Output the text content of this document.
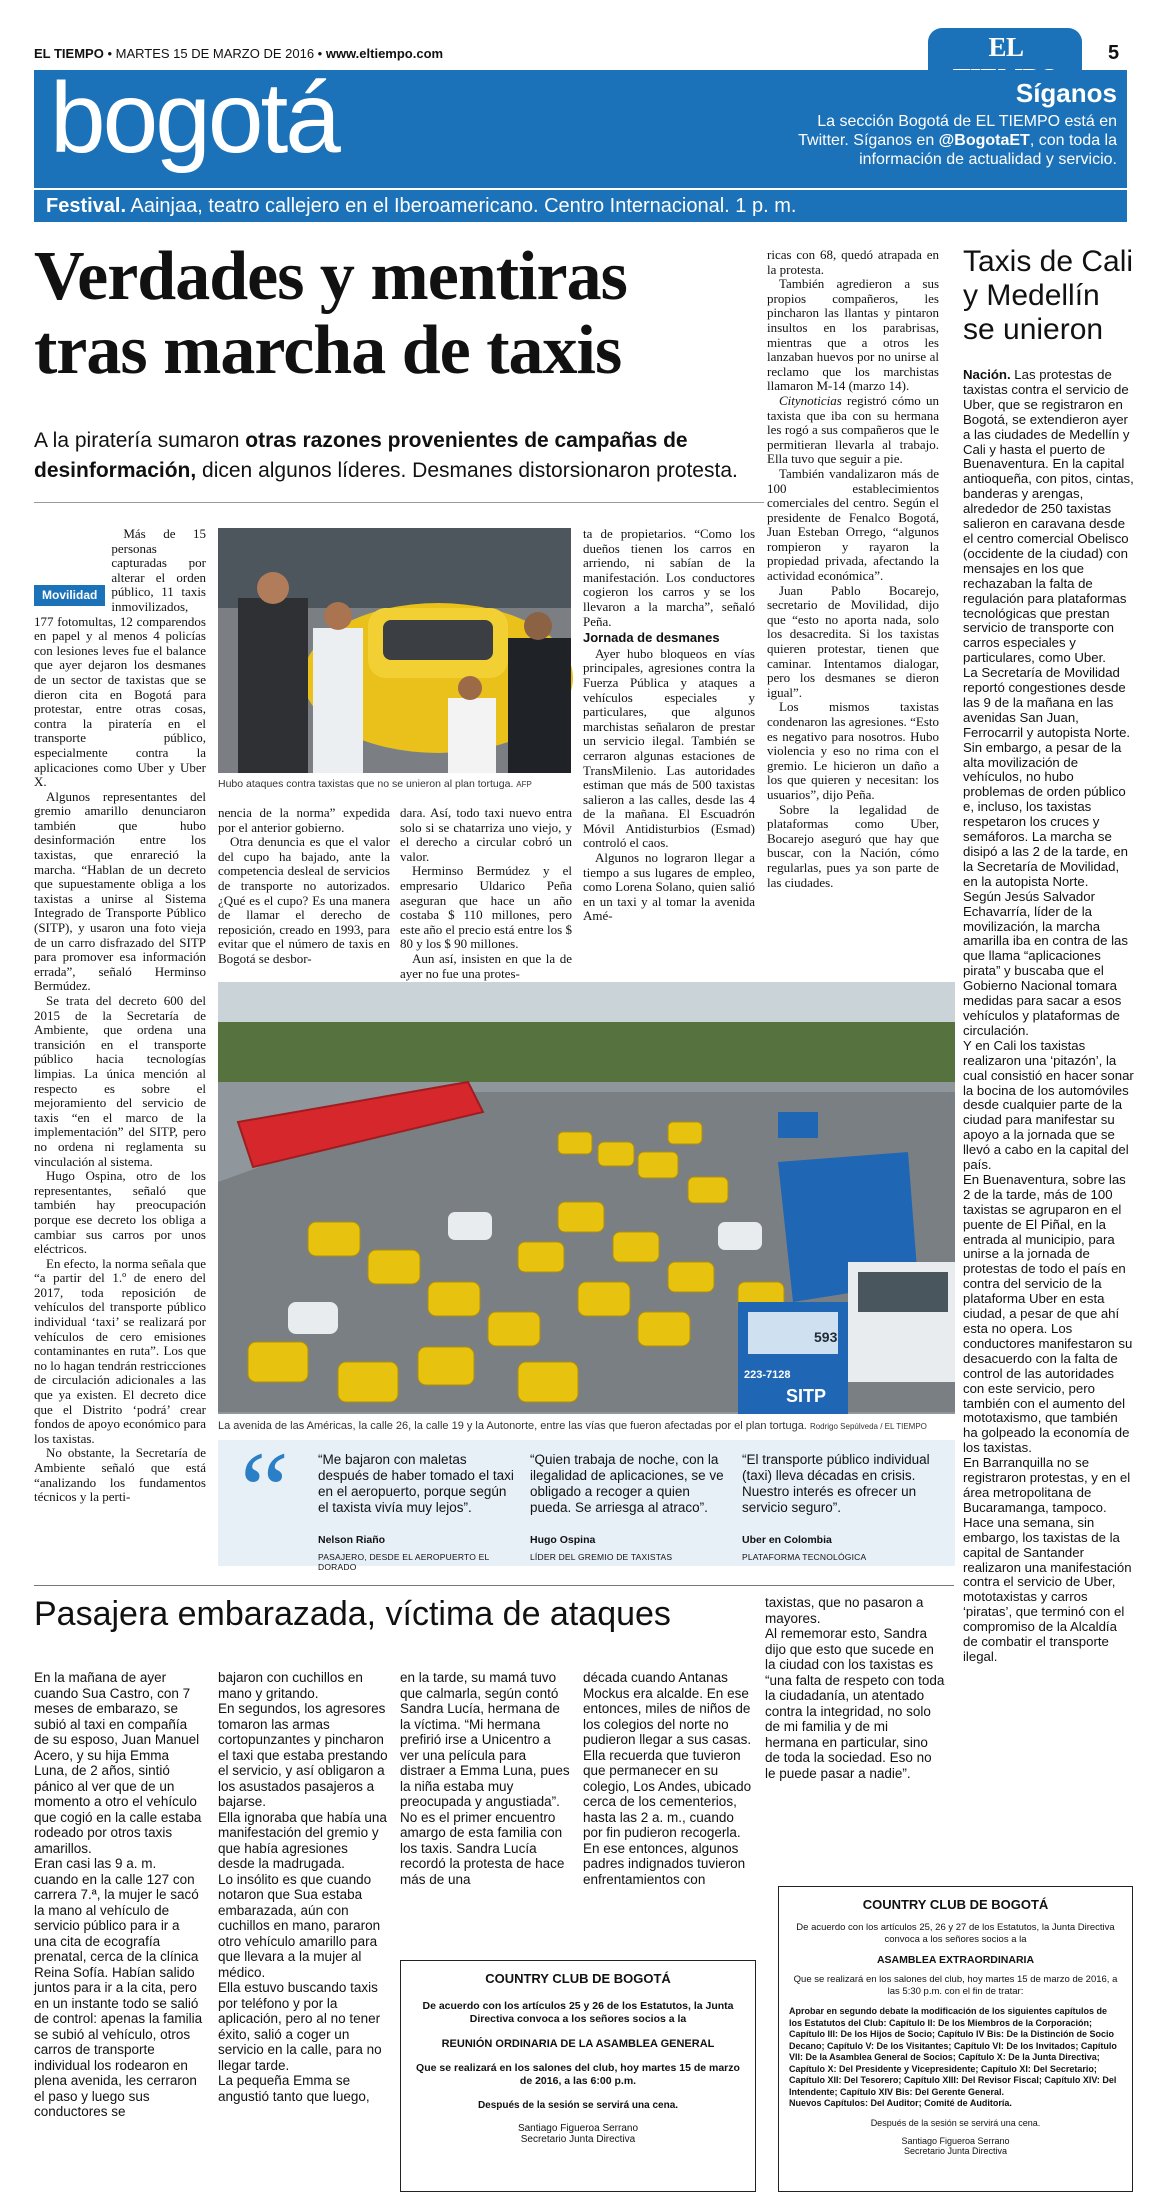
EL TIEMPO • MARTES 15 DE MARZO DE 2016 • www.eltiempo.com	EL	5
bogotá	Síganos
La sección Bogotá de EL TIEMPO está en
Twitter. Síganos en @BogotaET, con toda la
información de actualidad y servicio.
Festival. Aainjaa, teatro callejero en el Iberoamericano. Centro Internacional. 1 p. m.
Verdades y mentiras
tras marcha de taxis
A la piratería sumaron otras razones provenientes de campañas de desinformación, dicen algunos líderes. Desmanes distorsionaron protesta.
Movilidad

Más de 15 personas capturadas por alterar el orden público, 11 taxis inmovilizados, 177 fotomultas, 12 comparendos en papel y al menos 4 policías con lesiones leves fue el balance que ayer dejaron los desmanes de un sector de taxistas que se dieron cita en Bogotá para protestar, entre otras cosas, contra la piratería en el transporte público, especialmente contra la aplicaciones como Uber y Uber X.

Algunos representantes del gremio amarillo denunciaron también que hubo desinformación entre los taxistas, que enrareció la marcha. “Hablan de un decreto que supuestamente obliga a los taxistas a unirse al Sistema Integrado de Transporte Público (SITP), y usaron una foto vieja de un carro disfrazado del SITP para promover esa información errada”, señaló Herminso Bermúdez.

Se trata del decreto 600 del 2015 de la Secretaría de Ambiente, que ordena una transición en el transporte público hacia tecnologías limpias. La única mención al respecto es sobre el mejoramiento del servicio de taxis “en el marco de la implementación” del SITP, pero no ordena ni reglamenta su vinculación al sistema.

Hugo Ospina, otro de los representantes, señaló que también hay preocupación porque ese decreto los obliga a cambiar sus carros por unos eléctricos.

En efecto, la norma señala que “a partir del 1.º de enero del 2017, toda reposición de vehículos del transporte público individual ‘taxi’ se realizará por vehículos de cero emisiones contaminantes en ruta”. Los que no lo hagan tendrán restricciones de circulación adicionales a las que ya existen. El decreto dice que el Distrito ‘podrá’ crear fondos de apoyo económico para los taxistas.

No obstante, la Secretaría de Ambiente señaló que está “analizando los fundamentos técnicos y la perti-

Hubo ataques contra taxistas que no se unieron al plan tortuga. AFP

nencia de la norma” expedida por el anterior gobierno.

Otra denuncia es que el valor del cupo ha bajado, ante la competencia desleal de servicios de transporte no autorizados. ¿Qué es el cupo? Es una manera de llamar el derecho de reposición, creado en 1993, para evitar que el número de taxis en Bogotá se desbor-

dara. Así, todo taxi nuevo entra solo si se chatarriza uno viejo, y el derecho a circular cobró un valor.

Herminso Bermúdez y el empresario Uldarico Peña aseguran que hace un año costaba $ 110 millones, pero este año el precio está entre los $ 80 y los $ 90 millones.

Aun así, insisten en que la de ayer no fue una protes-

ta de propietarios. “Como los dueños tienen los carros en arriendo, ni sabían de la manifestación. Los conductores cogieron los carros y se los llevaron a la marcha”, señaló Peña.

Jornada de desmanes

Ayer hubo bloqueos en vías principales, agresiones contra la Fuerza Pública y ataques a vehículos especiales y particulares, que algunos marchistas señalaron de prestar un servicio ilegal. También se cerraron algunas estaciones de TransMilenio. Las autoridades estiman que más de 500 taxistas salieron a las calles, desde las 4 de la mañana. El Escuadrón Móvil Antidisturbios (Esmad) controló el caos.

Algunos no lograron llegar a tiempo a sus lugares de empleo, como Lorena Solano, quien salió en un taxi y al tomar la avenida Amé-

ricas con 68, quedó atrapada en la protesta.

También agredieron a sus propios compañeros, les pincharon las llantas y pintaron insultos en los parabrisas, mientras que a otros les lanzaban huevos por no unirse al reclamo que los marchistas llamaron M-14 (marzo 14).

Citynoticias registró cómo un taxista que iba con su hermana les rogó a sus compañeros que le permitieran llevarla al trabajo. Ella tuvo que seguir a pie.

También vandalizaron más de 100 establecimientos comerciales del centro. Según el presidente de Fenalco Bogotá, Juan Esteban Orrego, “algunos rompieron y rayaron la propiedad privada, afectando la actividad económica”.

Juan Pablo Bocarejo, secretario de Movilidad, dijo que “esto no aporta nada, solo los desacredita. Si los taxistas quieren protestar, tienen que caminar. Intentamos dialogar, pero los desmanes se dieron igual”.

Los mismos taxistas condenaron las agresiones. “Esto es negativo para nosotros. Hubo violencia y eso no rima con el gremio. Le hicieron un daño a los que quieren y necesitan: los usuarios”, dijo Peña.

Sobre la legalidad de plataformas como Uber, Bocarejo aseguró que hay que buscar, con la Nación, cómo regularlas, pues ya son parte de las ciudades.

SITP
223-7128
593
La avenida de las Américas, la calle 26, la calle 19 y la Autonorte, entre las vías que fueron afectadas por el plan tortuga. Rodrigo Sepúlveda / EL TIEMPO
“ “Me bajaron con maletas después de haber tomado el taxi en el aeropuerto, porque según el taxista vivía muy lejos”.
Nelson Riaño
PASAJERO, DESDE EL AEROPUERTO EL DORADO
“Quien trabaja de noche, con la ilegalidad de aplicaciones, se ve obligado a recoger a quien pueda. Se arriesga al atraco”.
Hugo Ospina
LÍDER DEL GREMIO DE TAXISTAS
“El transporte público individual (taxi) lleva décadas en crisis. Nuestro interés es ofrecer un servicio seguro”.
Uber en Colombia
PLATAFORMA TECNOLÓGICA
Taxis de Cali
y Medellín
se unieron
Nación. Las protestas de taxistas contra el servicio de Uber, que se registraron en Bogotá, se extendieron ayer a las ciudades de Medellín y Cali y hasta el puerto de Buenaventura. En la capital antioqueña, con pitos, cintas, banderas y arengas, alrededor de 250 taxistas salieron en caravana desde el centro comercial Obelisco (occidente de la ciudad) con mensajes en los que rechazaban la falta de regulación para plataformas tecnológicas que prestan servicio de transporte con carros especiales y particulares, como Uber.
La Secretaría de Movilidad reportó congestiones desde las 9 de la mañana en las avenidas San Juan, Ferrocarril y autopista Norte. Sin embargo, a pesar de la alta movilización de vehículos, no hubo problemas de orden público e, incluso, los taxistas respetaron los cruces y semáforos. La marcha se disipó a las 2 de la tarde, en la Secretaría de Movilidad, en la autopista Norte.
Según Jesús Salvador Echavarría, líder de la movilización, la marcha amarilla iba en contra de las que llama “aplicaciones pirata” y buscaba que el Gobierno Nacional tomara medidas para sacar a esos vehículos y plataformas de circulación.
Y en Cali los taxistas realizaron una ‘pitazón’, la cual consistió en hacer sonar la bocina de los automóviles desde cualquier parte de la ciudad para manifestar su apoyo a la jornada que se llevó a cabo en la capital del país.
En Buenaventura, sobre las 2 de la tarde, más de 100 taxistas se agruparon en el puente de El Piñal, en la entrada al municipio, para unirse a la jornada de protestas de todo el país en contra del servicio de la plataforma Uber en esta ciudad, a pesar de que ahí esta no opera. Los conductores manifestaron su desacuerdo con la falta de control de las autoridades con este servicio, pero también con el aumento del mototaxismo, que también ha golpeado la economía de los taxistas.
En Barranquilla no se registraron protestas, y en el área metropolitana de Bucaramanga, tampoco. Hace una semana, sin embargo, los taxistas de la capital de Santander realizaron una manifestación contra el servicio de Uber, mototaxistas y carros ‘piratas’, que terminó con el compromiso de la Alcaldía de combatir el transporte ilegal.
Pasajera embarazada, víctima de ataques
En la mañana de ayer cuando Sua Castro, con 7 meses de embarazo, se subió al taxi en compañía de su esposo, Juan Manuel Acero, y su hija Emma Luna, de 2 años, sintió pánico al ver que de un momento a otro el vehículo que cogió en la calle estaba rodeado por otros taxis amarillos.
Eran casi las 9 a. m. cuando en la calle 127 con carrera 7.ª, la mujer le sacó la mano al vehículo de servicio público para ir a una cita de ecografía prenatal, cerca de la clínica Reina Sofía. Habían salido juntos para ir a la cita, pero en un instante todo se salió de control: apenas la familia se subió al vehículo, otros carros de transporte individual los rodearon en plena avenida, les cerraron el paso y luego sus conductores se
bajaron con cuchillos en mano y gritando.
En segundos, los agresores tomaron las armas cortopunzantes y pincharon el taxi que estaba prestando el servicio, y así obligaron a los asustados pasajeros a bajarse.
Ella ignoraba que había una manifestación del gremio y que había agresiones desde la madrugada.
Lo insólito es que cuando notaron que Sua estaba embarazada, aún con cuchillos en mano, pararon otro vehículo amarillo para que llevara a la mujer al médico.
Ella estuvo buscando taxis por teléfono y por la aplicación, pero al no tener éxito, salió a coger un servicio en la calle, para no llegar tarde.
La pequeña Emma se angustió tanto que luego,
en la tarde, su mamá tuvo que calmarla, según contó Sandra Lucía, hermana de la víctima. “Mi hermana prefirió irse a Unicentro a ver una película para distraer a Emma Luna, pues la niña estaba muy preocupada y angustiada”.
No es el primer encuentro amargo de esta familia con los taxis. Sandra Lucía recordó la protesta de hace más de una
década cuando Antanas Mockus era alcalde. En ese entonces, miles de niños de los colegios del norte no pudieron llegar a sus casas. Ella recuerda que tuvieron que permanecer en su colegio, Los Andes, ubicado cerca de los cementerios, hasta las 2 a. m., cuando por fin pudieron recogerla. En ese entonces, algunos padres indignados tuvieron enfrentamientos con
taxistas, que no pasaron a mayores.
Al rememorar esto, Sandra dijo que esto que sucede en la ciudad con los taxistas es “una falta de respeto con toda la ciudadanía, un atentado contra la integridad, no solo de mi familia y de mi hermana en particular, sino de toda la sociedad. Eso no le puede pasar a nadie”.
COUNTRY CLUB DE BOGOTÁ
De acuerdo con los artículos 25 y 26 de los Estatutos, la Junta Directiva convoca a los señores socios a la
REUNIÓN ORDINARIA DE LA ASAMBLEA GENERAL
Que se realizará en los salones del club, hoy martes 15 de marzo de 2016, a las 6:00 p.m.
Después de la sesión se servirá una cena.
Santiago Figueroa Serrano
Secretario Junta Directiva
COUNTRY CLUB DE BOGOTÁ
De acuerdo con los artículos 25, 26 y 27 de los Estatutos, la Junta Directiva convoca a los señores socios a la
ASAMBLEA EXTRAORDINARIA
Que se realizará en los salones del club, hoy martes 15 de marzo de 2016, a las 5:30 p.m. con el fin de tratar:
Aprobar en segundo debate la modificación de los siguientes capítulos de los Estatutos del Club: Capítulo II: De los Miembros de la Corporación; Capítulo III: De los Hijos de Socio; Capítulo IV Bis: De la Distinción de Socio Decano; Capítulo V: De los Visitantes; Capítulo VI: De los Invitados; Capítulo VII: De la Asamblea General de Socios; Capítulo X: De la Junta Directiva; Capítulo X: Del Presidente y Vicepresidente; Capítulo XI: Del Secretario; Capítulo XII: Del Tesorero; Capítulo XIII: Del Revisor Fiscal; Capítulo XIV: Del Intendente; Capítulo XIV Bis: Del Gerente General.
Nuevos Capítulos: Del Auditor; Comité de Auditoría.
Después de la sesión se servirá una cena.
Santiago Figueroa Serrano
Secretario Junta Directiva
